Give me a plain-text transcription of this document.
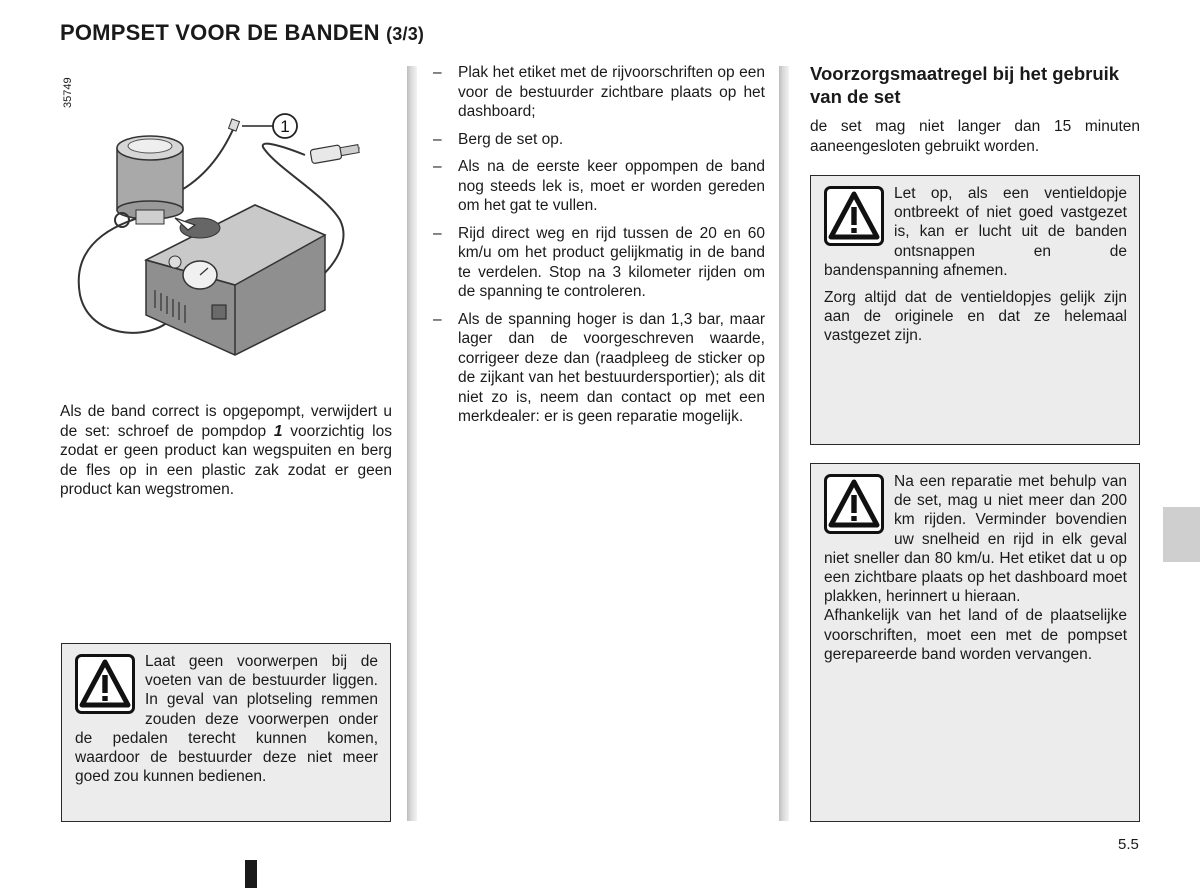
POMPSET VOOR DE BANDEN (3/3)
35749
1
Als de band correct is opgepompt, verwijdert u de set: schroef de pompdop 1 voorzichtig los zodat er geen product kan wegspuiten en berg de fles op in een plastic zak zodat er geen product kan wegstromen.

Laat geen voorwerpen bij de voeten van de bestuurder liggen. In geval van plotseling remmen zouden deze voorwerpen onder de pedalen terecht kunnen komen, waardoor de bestuurder deze niet meer goed zou kunnen bedienen.

– Plak het etiket met de rijvoorschriften op een voor de bestuurder zichtbare plaats op het dashboard;
– Berg de set op.
– Als na de eerste keer oppompen de band nog steeds lek is, moet er worden gereden om het gat te vullen.
– Rijd direct weg en rijd tussen de 20 en 60 km/u om het product gelijkmatig in de band te verdelen. Stop na 3 kilometer rijden om de spanning te controleren.
– Als de spanning hoger is dan 1,3 bar, maar lager dan de voorgeschreven waarde, corrigeer deze dan (raadpleeg de sticker op de zijkant van het bestuurdersportier); als dit niet zo is, neem dan contact op met een merkdealer: er is geen reparatie mogelijk.
Voorzorgsmaatregel bij het gebruik van de set
de set mag niet langer dan 15 minuten aaneengesloten gebruikt worden.

Let op, als een ventieldopje ontbreekt of niet goed vastgezet is, kan er lucht uit de banden ontsnappen en de bandenspanning afnemen.

Zorg altijd dat de ventieldopjes gelijk zijn aan de originele en dat ze helemaal vastgezet zijn.

Na een reparatie met behulp van de set, mag u niet meer dan 200 km rijden. Verminder bovendien uw snelheid en rijd in elk geval niet sneller dan 80 km/u. Het etiket dat u op een zichtbare plaats op het dashboard moet plakken, herinnert u hieraan.

Afhankelijk van het land of de plaatselijke voorschriften, moet een met de pompset gerepareerde band worden vervangen.

5.5
